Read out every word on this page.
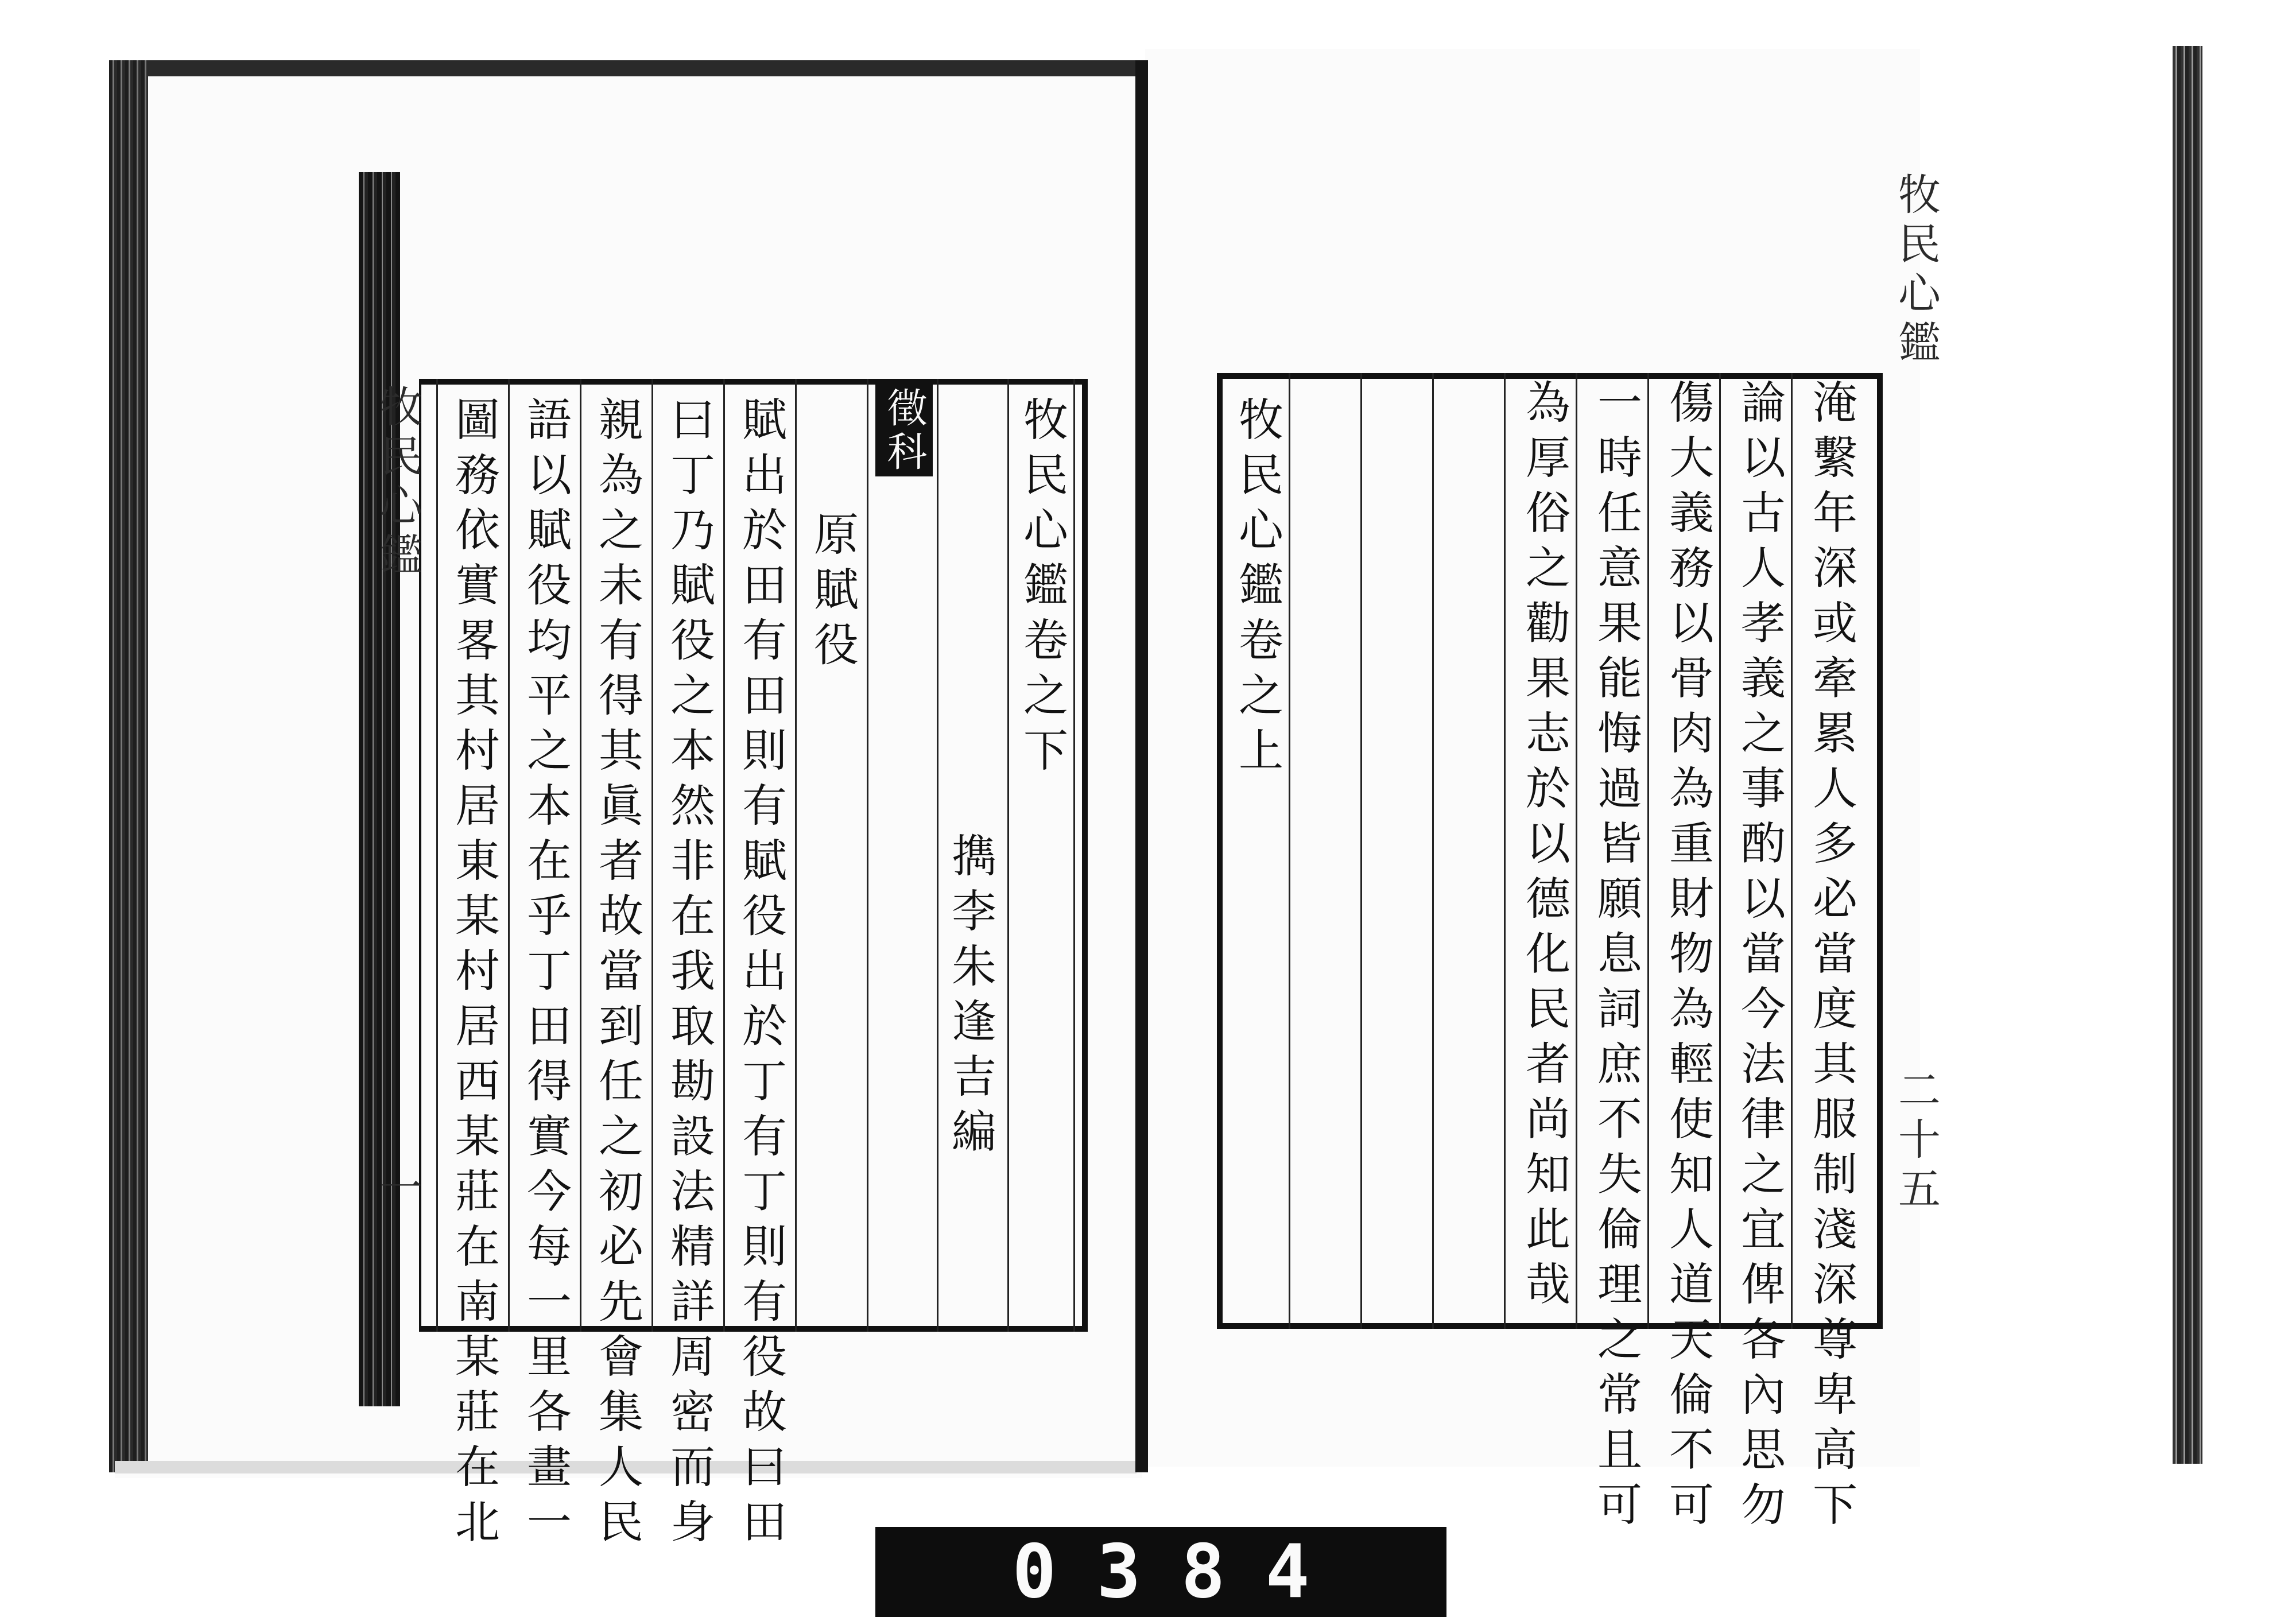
牧民心鑑卷之下
擕李朱逢吉編
徵科
原賦役
賦出於田有田則有賦役出於丁有丁則有役故曰田
曰丁乃賦役之本然非在我取勘設法精詳周密而身
親為之未有得其眞者故當到任之初必先會集人民
語以賦役均平之本在乎丁田得實今每一里各畫一
圖務依實畧其村居東某村居西某莊在南某莊在北
牧民心鑑
一
牧民心鑑卷之上	淹繫年深或牽累人多必當度其服制淺深尊卑高下
論以古人孝義之事酌以當今法律之宜俾各內思勿
傷大義務以骨肉為重財物為輕使知人道天倫不可
一時任意果能悔過皆願息詞庶不失倫理之常且可
為厚俗之勸果志於以德化民者尚知此哉
牧民心鑑
二十五
0384
